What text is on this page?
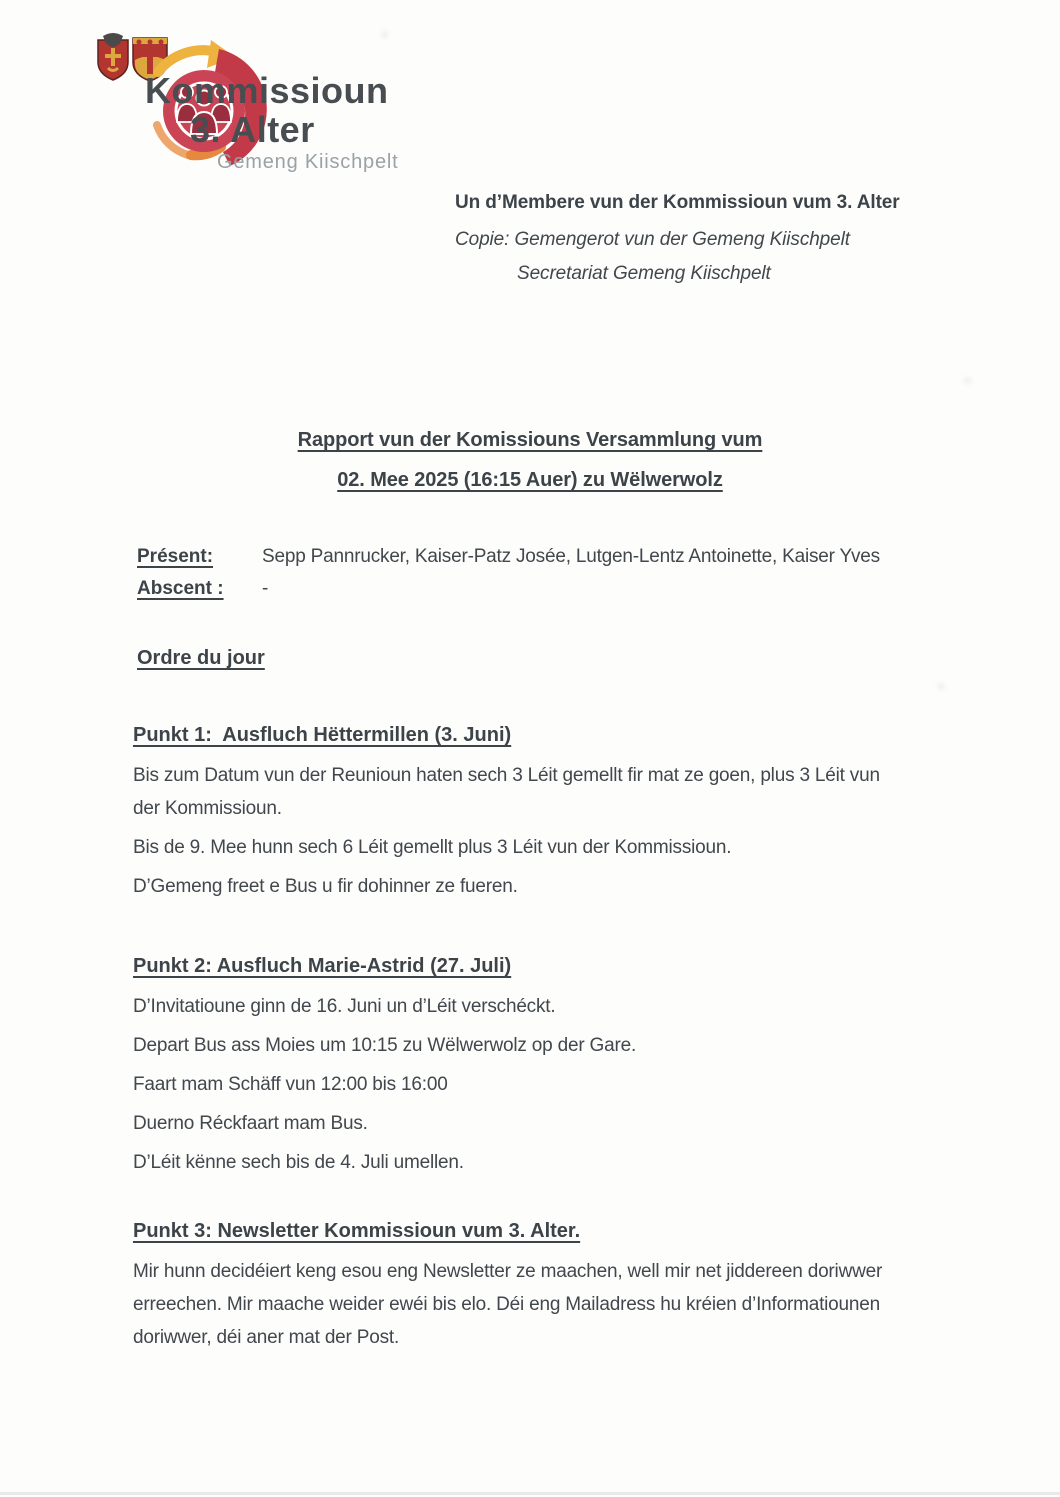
Kommissioun
3. Alter
Gemeng Kiischpelt
Un d’Membere vun der Kommissioun vum 3. Alter
Copie: Gemengerot vun der Gemeng Kiischpelt
Secretariat Gemeng Kiischpelt
Rapport vun der Komissiouns Versammlung vum
02. Mee 2025 (16:15 Auer) zu Wëlwerwolz
Présent:	Sepp Pannrucker, Kaiser-Patz Josée, Lutgen-Lentz Antoinette, Kaiser Yves
Abscent :	-
Ordre du jour
Punkt 1:  Ausfluch Hëttermillen (3. Juni)

Bis zum Datum vun der Reunioun haten sech 3 Léit gemellt fir mat ze goen, plus 3 Léit vun der Kommissioun.

Bis de 9. Mee hunn sech 6 Léit gemellt plus 3 Léit vun der Kommissioun.

D’Gemeng freet e Bus u fir dohinner ze fueren.

Punkt 2: Ausfluch Marie-Astrid (27. Juli)

D’Invitatioune ginn de 16. Juni un d’Léit verschéckt.

Depart Bus ass Moies um 10:15 zu Wëlwerwolz op der Gare.

Faart mam Schäff vun 12:00 bis 16:00

Duerno Réckfaart mam Bus.

D’Léit kënne sech bis de 4. Juli umellen.

Punkt 3: Newsletter Kommissioun vum 3. Alter.

Mir hunn decidéiert keng esou eng Newsletter ze maachen, well mir net jiddereen doriwwer erreechen. Mir maache weider ewéi bis elo. Déi eng Mailadress hu kréien d’Informatiounen doriwwer, déi aner mat der Post.
